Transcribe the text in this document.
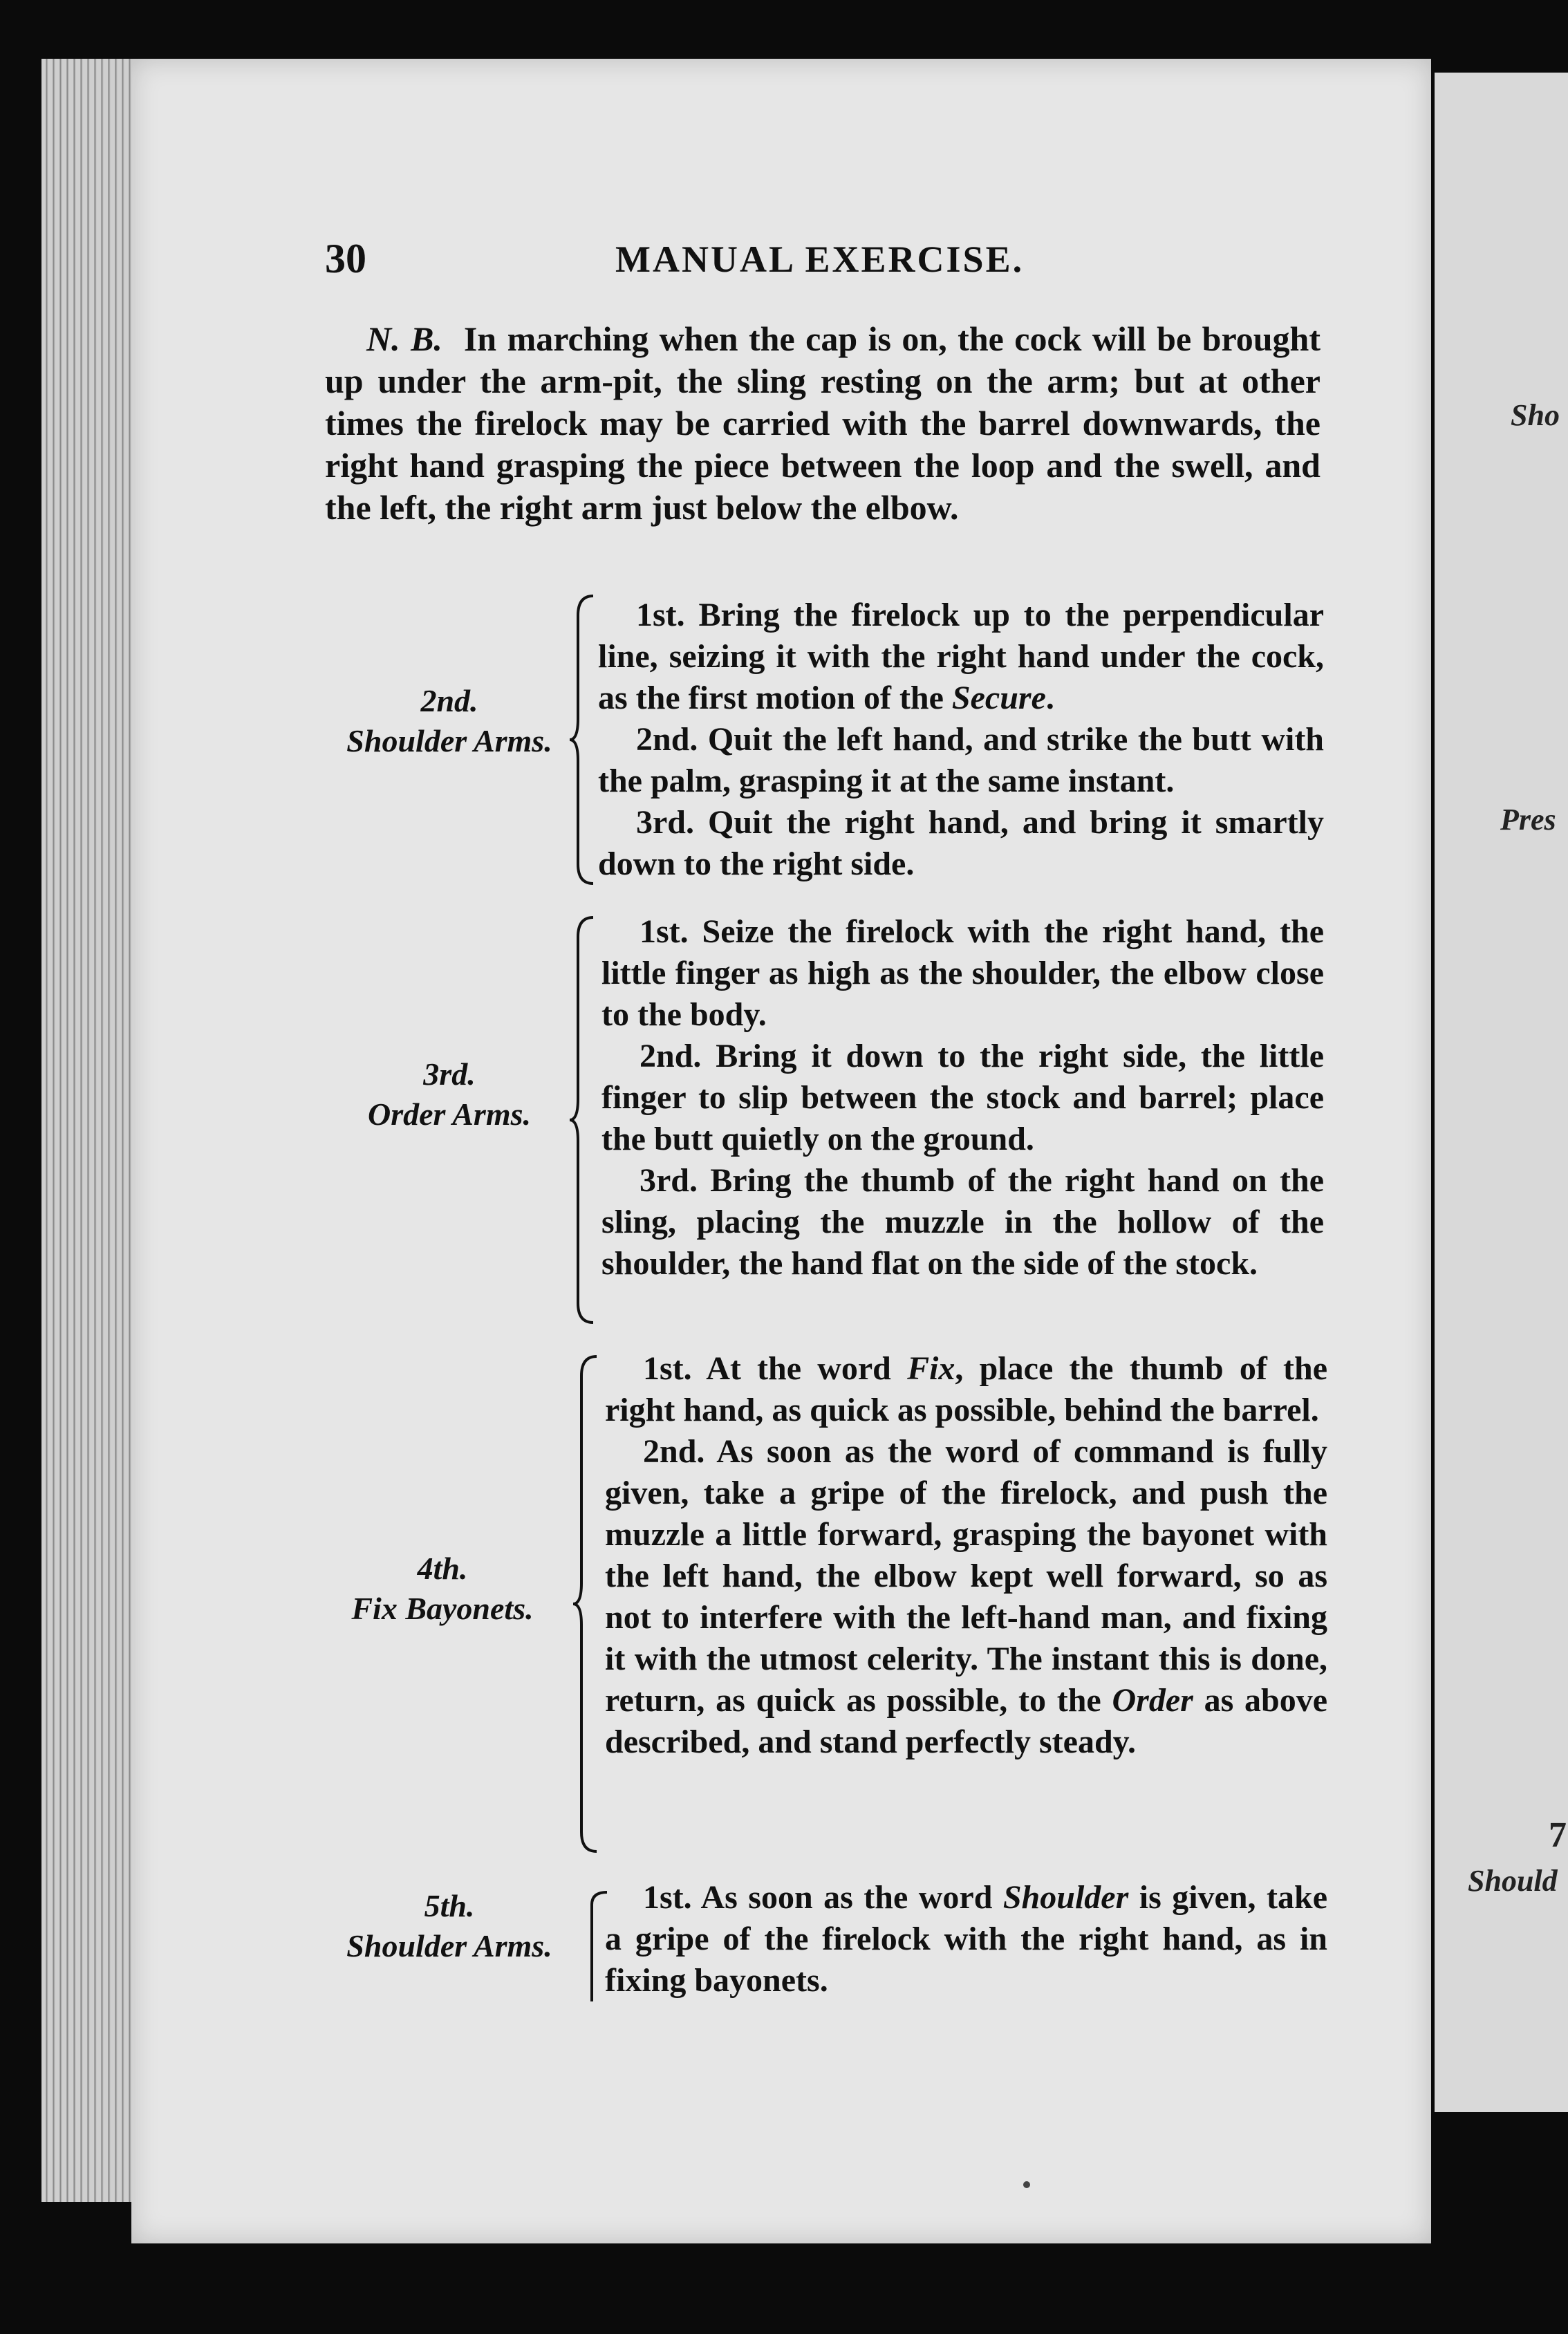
Sho
Pres
7
Should
30	MANUAL EXERCISE.
N. B. In marching when the cap is on, the cock will be brought up under the arm-pit, the sling resting on the arm; but at other times the firelock may be carried with the barrel downwards, the right hand grasping the piece between the loop and the swell, and the left, the right arm just below the elbow.
2nd.
Shoulder Arms.

1st. Bring the firelock up to the perpendicular line, seizing it with the right hand under the cock, as the first motion of the Secure.

2nd. Quit the left hand, and strike the butt with the palm, grasping it at the same instant.

3rd. Quit the right hand, and bring it smartly down to the right side.

3rd.
Order Arms.

1st. Seize the firelock with the right hand, the little finger as high as the shoulder, the elbow close to the body.

2nd. Bring it down to the right side, the little finger to slip between the stock and barrel; place the butt quietly on the ground.

3rd. Bring the thumb of the right hand on the sling, placing the muzzle in the hollow of the shoulder, the hand flat on the side of the stock.

4th.
Fix Bayonets.

1st. At the word Fix, place the thumb of the right hand, as quick as possible, behind the barrel.

2nd. As soon as the word of command is fully given, take a gripe of the firelock, and push the muzzle a little forward, grasping the bayonet with the left hand, the elbow kept well forward, so as not to interfere with the left-hand man, and fixing it with the utmost celerity. The instant this is done, return, as quick as possible, to the Order as above described, and stand perfectly steady.

5th.
Shoulder Arms.

1st. As soon as the word Shoulder is given, take a gripe of the firelock with the right hand, as in fixing bayonets.
